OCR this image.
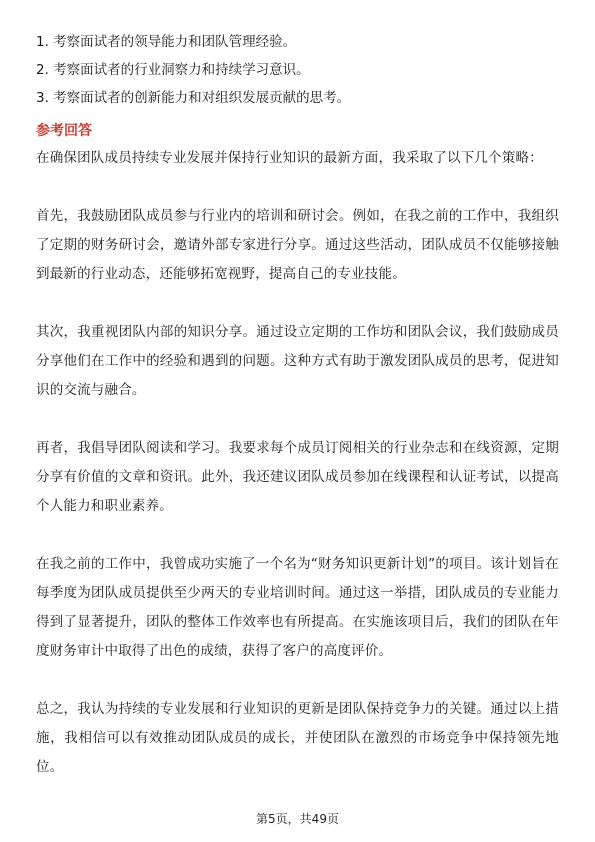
1. 考察面试者的领导能力和团队管理经验。
2. 考察面试者的行业洞察力和持续学习意识。
3. 考察面试者的创新能力和对组织发展贡献的思考。
参考回答

在确保团队成员持续专业发展并保持行业知识的最新方面，我采取了以下几个策略：

首先，我鼓励团队成员参与行业内的培训和研讨会。例如，在我之前的工作中，我组织了定期的财务研讨会，邀请外部专家进行分享。通过这些活动，团队成员不仅能够接触到最新的行业动态，还能够拓宽视野，提高自己的专业技能。

其次，我重视团队内部的知识分享。通过设立定期的工作坊和团队会议，我们鼓励成员分享他们在工作中的经验和遇到的问题。这种方式有助于激发团队成员的思考，促进知识的交流与融合。

再者，我倡导团队阅读和学习。我要求每个成员订阅相关的行业杂志和在线资源，定期分享有价值的文章和资讯。此外，我还建议团队成员参加在线课程和认证考试，以提高个人能力和职业素养。

在我之前的工作中，我曾成功实施了一个名为“财务知识更新计划”的项目。该计划旨在每季度为团队成员提供至少两天的专业培训时间。通过这一举措，团队成员的专业能力得到了显著提升，团队的整体工作效率也有所提高。在实施该项目后，我们的团队在年度财务审计中取得了出色的成绩，获得了客户的高度评价。

总之，我认为持续的专业发展和行业知识的更新是团队保持竞争力的关键。通过以上措施，我相信可以有效推动团队成员的成长，并使团队在激烈的市场竞争中保持领先地位。

第5页，共49页
